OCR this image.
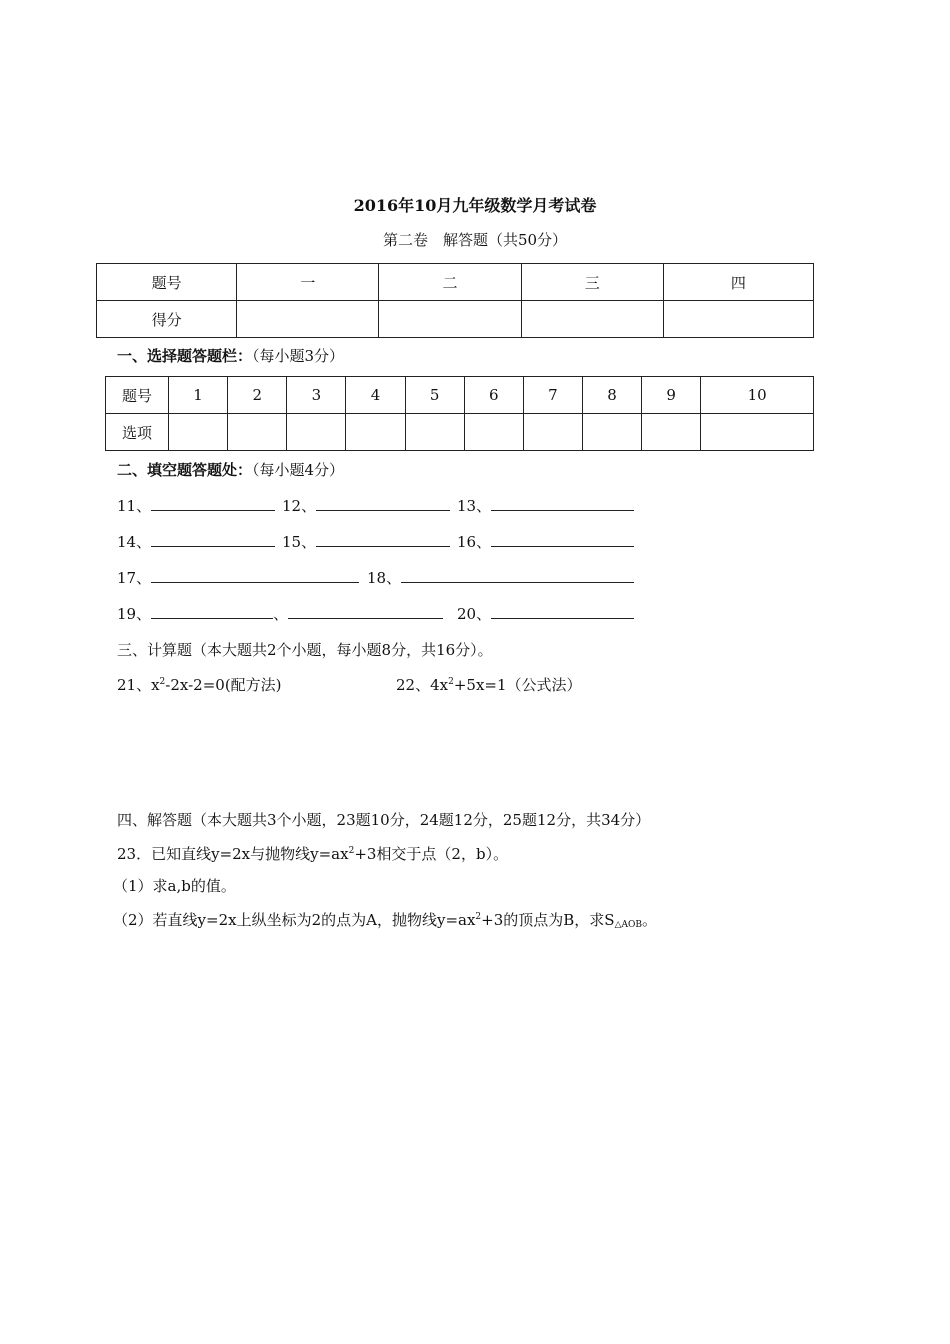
2016年10月九年级数学月考试卷
第二卷　解答题（共50分）
题号	一	二	三	四
得分				
一、选择题答题栏：（每小题3分）
题号	1	2	3	4	5	6	7	8	9	10
选项										
二、填空题答题处：（每小题4分）
11、	12、	13、
14、	15、	16、
17、	18、
19、	、	20、
三、计算题（本大题共2个小题，每小题8分，共16分）。
21、$x^2-2x-2=0$(配方法)	22、$4x^2+5x=1$（公式法）
四、解答题（本大题共3个小题，23题10分，24题12分，25题12分，共34分）
23．已知直线y=2x与抛物线$y=ax^2+3$相交于点（2，b）。
（1）求a,b的值。
（2）若直线y=2x上纵坐标为2的点为A，抛物线$y=ax^2+3$的顶点为B，求$S_{\triangle AOB}$。
